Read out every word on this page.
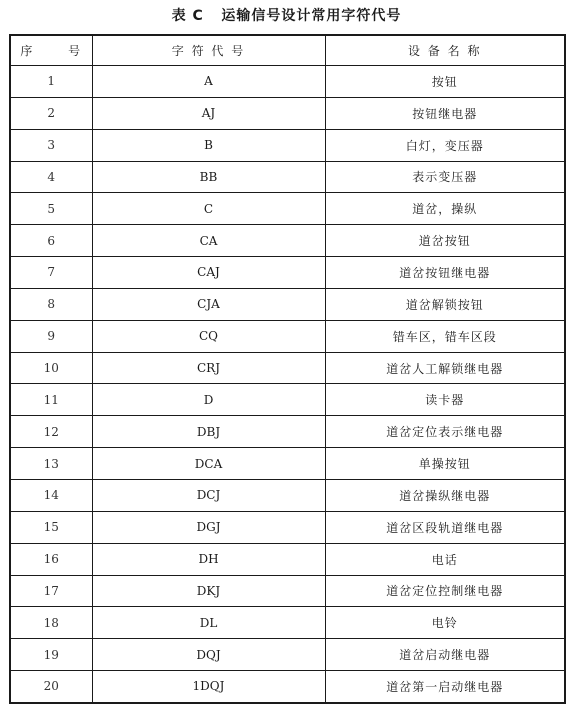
表 C   运输信号设计常用字符代号
序 号	字 符 代 号	设 备 名 称
1	A	按钮
2	AJ	按钮继电器
3	B	白灯，变压器
4	BB	表示变压器
5	C	道岔，操纵
6	CA	道岔按钮
7	CAJ	道岔按钮继电器
8	CJA	道岔解锁按钮
9	CQ	错车区，错车区段
10	CRJ	道岔人工解锁继电器
11	D	读卡器
12	DBJ	道岔定位表示继电器
13	DCA	单操按钮
14	DCJ	道岔操纵继电器
15	DGJ	道岔区段轨道继电器
16	DH	电话
17	DKJ	道岔定位控制继电器
18	DL	电铃
19	DQJ	道岔启动继电器
20	1DQJ	道岔第一启动继电器
